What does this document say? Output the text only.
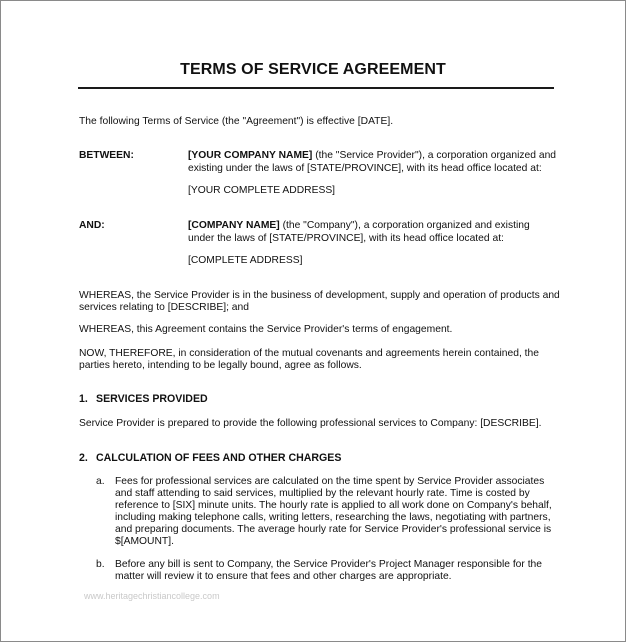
TERMS OF SERVICE AGREEMENT
The following Terms of Service (the "Agreement") is effective [DATE].
BETWEEN:	[YOUR COMPANY NAME] (the "Service Provider"), a corporation organized and
existing under the laws of [STATE/PROVINCE], with its head office located at:
[YOUR COMPLETE ADDRESS]
AND:	[COMPANY NAME] (the "Company"), a corporation organized and existing
under the laws of [STATE/PROVINCE], with its head office located at:
[COMPLETE ADDRESS]
WHEREAS, the Service Provider is in the business of development, supply and operation of products and
services relating to [DESCRIBE]; and
WHEREAS, this Agreement contains the Service Provider's terms of engagement.
NOW, THEREFORE, in consideration of the mutual covenants and agreements herein contained, the
parties hereto, intending to be legally bound, agree as follows.
1. SERVICES PROVIDED
Service Provider is prepared to provide the following professional services to Company: [DESCRIBE].
2. CALCULATION OF FEES AND OTHER CHARGES
a. Fees for professional services are calculated on the time spent by Service Provider associates
and staff attending to said services, multiplied by the relevant hourly rate. Time is costed by
reference to [SIX] minute units. The hourly rate is applied to all work done on Company's behalf,
including making telephone calls, writing letters, researching the laws, negotiating with partners,
and preparing documents. The average hourly rate for Service Provider's professional service is
$[AMOUNT].
b. Before any bill is sent to Company, the Service Provider's Project Manager responsible for the
matter will review it to ensure that fees and other charges are appropriate.
www.heritagechristiancollege.com
